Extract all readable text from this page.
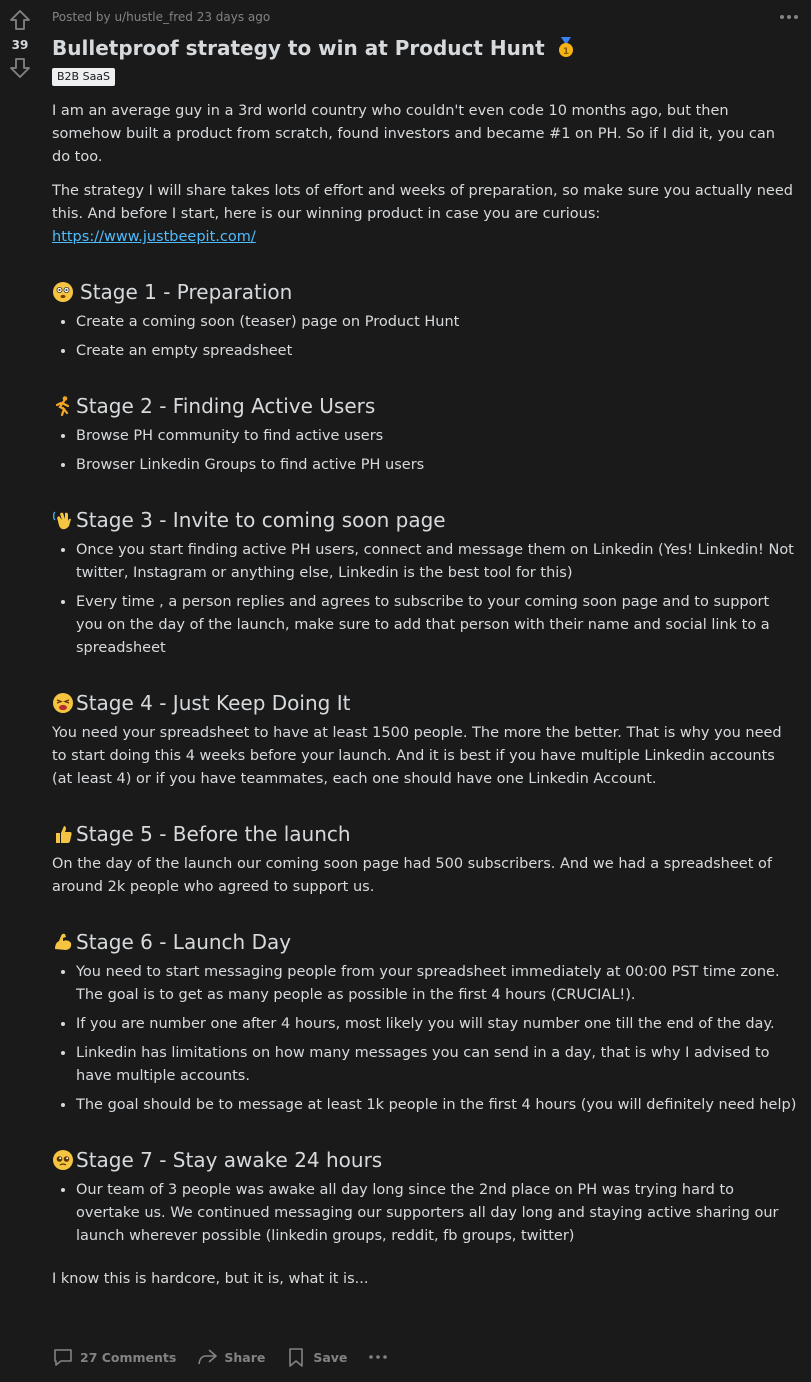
39
Posted by u/hustle_fred 23 days ago
Bulletproof strategy to win at Product Hunt 1
B2B SaaS

I am an average guy in a 3rd world country who couldn't even code 10 months ago, but then somehow built a product from scratch, found investors and became #1 on PH. So if I did it, you can do too.

The strategy I will share takes lots of effort and weeks of preparation, so make sure you actually need this. And before I start, here is our winning product in case you are curious:
https://www.justbeepit.com/

Stage 1 - Preparation
• Create a coming soon (teaser) page on Product Hunt
• Create an empty spreadsheet
Stage 2 - Finding Active Users
• Browse PH community to find active users
• Browser Linkedin Groups to find active PH users
Stage 3 - Invite to coming soon page
• Once you start finding active PH users, connect and message them on Linkedin (Yes! Linkedin! Not twitter, Instagram or anything else, Linkedin is the best tool for this)
• Every time , a person replies and agrees to subscribe to your coming soon page and to support you on the day of the launch, make sure to add that person with their name and social link to a spreadsheet
Stage 4 - Just Keep Doing It

You need your spreadsheet to have at least 1500 people. The more the better. That is why you need to start doing this 4 weeks before your launch. And it is best if you have multiple Linkedin accounts (at least 4) or if you have teammates, each one should have one Linkedin Account.

Stage 5 - Before the launch

On the day of the launch our coming soon page had 500 subscribers. And we had a spreadsheet of around 2k people who agreed to support us.

Stage 6 - Launch Day
• You need to start messaging people from your spreadsheet immediately at 00:00 PST time zone. The goal is to get as many people as possible in the first 4 hours (CRUCIAL!).
• If you are number one after 4 hours, most likely you will stay number one till the end of the day.
• Linkedin has limitations on how many messages you can send in a day, that is why I advised to have multiple accounts.
• The goal should be to message at least 1k people in the first 4 hours (you will definitely need help)
Stage 7 - Stay awake 24 hours
• Our team of 3 people was awake all day long since the 2nd place on PH was trying hard to overtake us. We continued messaging our supporters all day long and staying active sharing our launch wherever possible (linkedin groups, reddit, fb groups, twitter)

I know this is hardcore, but it is, what it is...

27 Comments	Share	Save
